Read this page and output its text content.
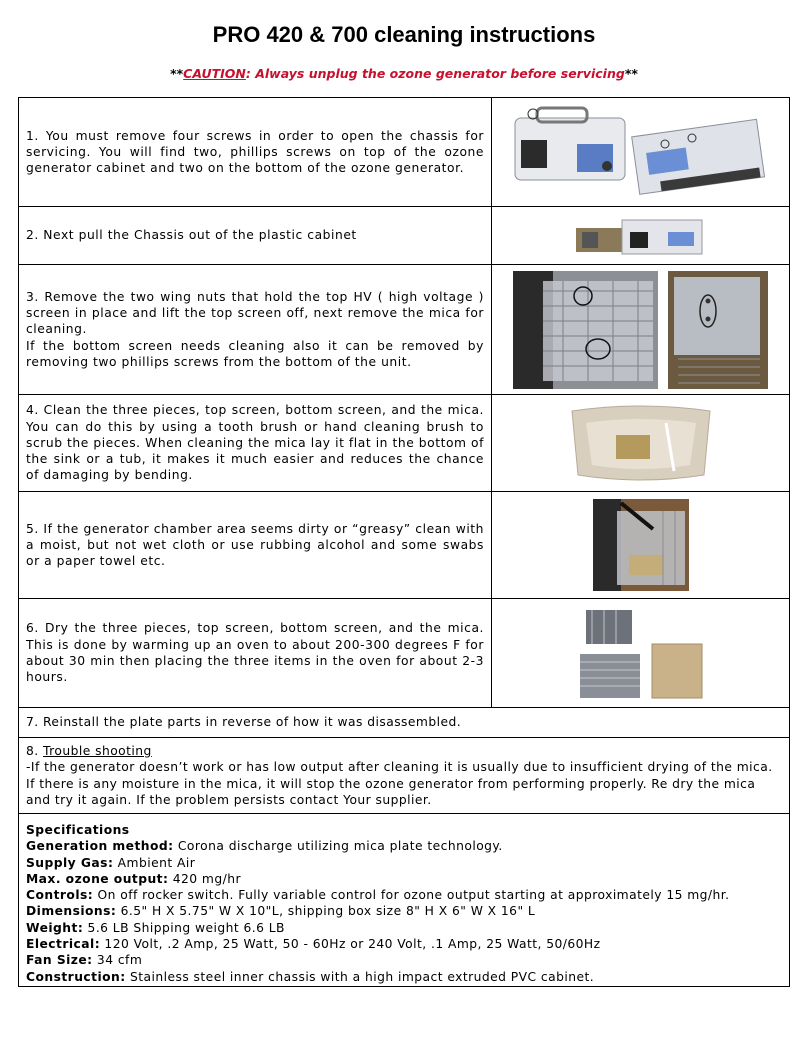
PRO 420 & 700 cleaning instructions
**CAUTION: Always unplug the ozone generator before servicing**
1. You must remove four screws in order to open the chassis for servicing. You will find two, phillips screws on top of the ozone generator cabinet and two on the bottom of the ozone generator.
2. Next pull the Chassis out of the plastic cabinet
3. Remove the two wing nuts that hold the top HV ( high voltage ) screen in place and lift the top screen off, next remove the mica for cleaning.
If the bottom screen needs cleaning also it can be removed by removing two phillips screws from the bottom of the unit.
4. Clean the three pieces, top screen, bottom screen, and the mica. You can do this by using a tooth brush or hand cleaning brush to scrub the pieces. When cleaning the mica lay it flat in the bottom of the sink or a tub, it makes it much easier and reduces the chance of damaging by bending.
5. If the generator chamber area seems dirty or “greasy” clean with a moist, but not wet cloth or use rubbing alcohol and some swabs or a paper towel etc.
6. Dry the three pieces, top screen, bottom screen, and the mica. This is done by warming up an oven to about 200-300 degrees F for about 30 min then placing the three items in the oven for about 2-3 hours.
7. Reinstall the plate parts in reverse of how it was disassembled.
8. Trouble shooting
-If the generator doesn’t work or has low output after cleaning it is usually due to insufficient drying of the mica. If there is any moisture in the mica, it will stop the ozone generator from performing properly. Re dry the mica and try it again. If the problem persists contact Your supplier.
Specifications
Generation method: Corona discharge utilizing mica plate technology.
Supply Gas: Ambient Air
Max. ozone output: 420 mg/hr
Controls: On off rocker switch. Fully variable control for ozone output starting at approximately 15 mg/hr.
Dimensions: 6.5" H X 5.75" W X 10"L, shipping box size 8" H X 6" W X 16" L
Weight: 5.6 LB Shipping weight 6.6 LB
Electrical: 120 Volt, .2 Amp, 25 Watt, 50 - 60Hz or 240 Volt, .1 Amp, 25 Watt, 50/60Hz
Fan Size: 34 cfm
Construction: Stainless steel inner chassis with a high impact extruded PVC cabinet.
